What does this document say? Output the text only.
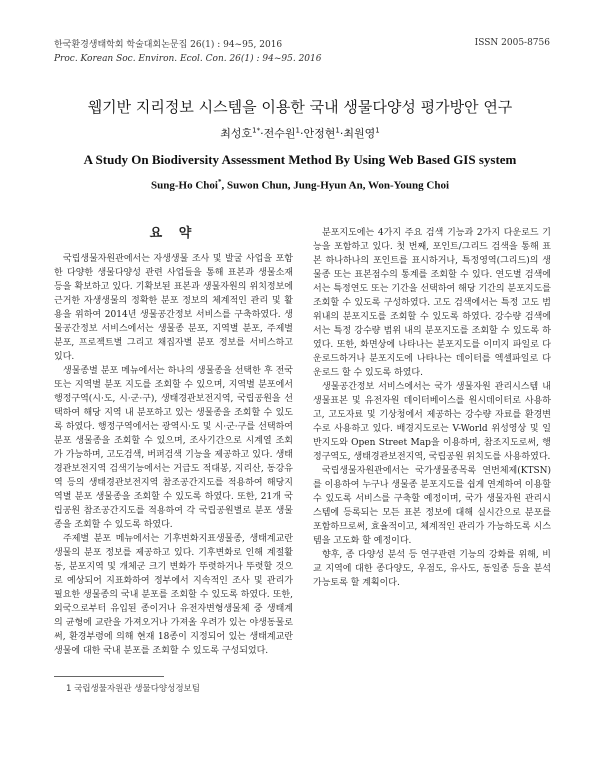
한국환경생태학회 학술대회논문집 26(1) : 94~95, 2016
Proc. Korean Soc. Environ. Ecol. Con. 26(1) : 94~95. 2016
ISSN 2005-8756
웹기반 지리정보 시스템을 이용한 국내 생물다양성 평가방안 연구
최성호$^{1*}$·전수원$^1$·안정현$^1$·최원영$^1$
A Study On Biodiversity Assessment Method By Using Web Based GIS system
Sung-Ho Choi*, Suwon Chun, Jung-Hyun An, Won-Young Choi
요 약

국립생물자원관에서는 자생생물 조사 및 발굴 사업을 포함한 다양한 생물다양성 관련 사업들을 통해 표본과 생물소재 등을 확보하고 있다. 기확보된 표본과 생물자원의 위치정보에 근거한 자생생물의 정확한 분포 정보의 체계적인 관리 및 활용을 위하여 2014년 생물공간정보 서비스를 구축하였다. 생물공간정보 서비스에서는 생물종 분포, 지역별 분포, 주제별 분포, 프로젝트별 그리고 채집자별 분포 정보를 서비스하고 있다.

생물종별 분포 메뉴에서는 하나의 생물종을 선택한 후 전국 또는 지역별 분포 지도를 조회할 수 있으며, 지역별 분포에서 행정구역(시·도, 시·군·구), 생태경관보전지역, 국립공원을 선택하여 해당 지역 내 분포하고 있는 생물종을 조회할 수 있도록 하였다. 행정구역에서는 광역시·도 및 시·군·구를 선택하여 분포 생물종을 조회할 수 있으며, 조사기간으로 시계열 조회가 가능하며, 고도검색, 버퍼검색 기능을 제공하고 있다. 생태경관보전지역 검색기능에서는 거급도 적대봉, 지리산, 동강유역 등의 생태경관보전지역 참조공간지도를 적용하여 해당지역별 분포 생물종을 조회할 수 있도록 하였다. 또한, 21개 국립공원 참조공간지도를 적용하여 각 국립공원별로 분포 생물종을 조회할 수 있도록 하였다.

주제별 분포 메뉴에서는 기후변화지표생물종, 생태계교란생물의 분포 정보를 제공하고 있다. 기후변화로 인해 계절활동, 분포지역 및 개체군 크기 변화가 뚜렷하거나 뚜렷할 것으로 예상되어 지표화하여 정부에서 지속적인 조사 및 관리가 필요한 생물종의 국내 분포를 조회할 수 있도록 하였다. 또한, 외국으로부터 유입된 종이거나 유전자변형생물체 중 생태계의 균형에 교란을 가져오거나 가져올 우려가 있는 야생동물로써, 환경부령에 의해 현재 18종이 지정되어 있는 생태계교란생물에 대한 국내 분포를 조회할 수 있도록 구성되었다.

분포지도에는 4가지 주요 검색 기능과 2가지 다운로드 기능을 포함하고 있다. 첫 번째, 포인트/그리드 검색을 통해 표본 하나하나의 포인트를 표시하거나, 특정영역(그리드)의 생물종 또는 표본점수의 통계를 조회할 수 있다. 연도별 검색에서는 특정연도 또는 기간을 선택하여 해당 기간의 분포지도를 조회할 수 있도록 구성하였다. 고도 검색에서는 특정 고도 범위내의 분포지도를 조회할 수 있도록 하였다. 강수량 검색에서는 특정 강수량 범위 내의 분포지도를 조회할 수 있도록 하였다. 또한, 화면상에 나타나는 분포지도를 이미지 파일로 다운로드하거나 분포지도에 나타나는 데이터를 엑셀파일로 다운로드 할 수 있도록 하였다.

생물공간정보 서비스에서는 국가 생물자원 관리시스템 내 생물표본 및 유전자원 데이터베이스를 원시데이터로 사용하고, 고도자료 및 기상청에서 제공하는 강수량 자료를 환경변수로 사용하고 있다. 배경지도로는 V-World 위성영상 및 일반지도와 Open Street Map을 이용하며, 참조지도로써, 행정구역도, 생태경관보전지역, 국립공원 위치도를 사용하였다.

국립생물자원관에서는 국가생물종목록 연번체제(KTSN)를 이용하여 누구나 생물종 분포지도를 쉽게 연계하여 이용할 수 있도록 서비스를 구축할 예정이며, 국가 생물자원 관리시스템에 등록되는 모든 표본 정보에 대해 실시간으로 분포를 포함하므로써, 효율적이고, 체계적인 관리가 가능하도록 시스템을 고도화 할 예정이다.

향후, 종 다양성 분석 등 연구관련 기능의 강화를 위해, 비교 지역에 대한 종다양도, 우점도, 유사도, 동일종 등을 분석 가능토록 할 계획이다.

1 국립생물자원관 생물다양성정보팀
